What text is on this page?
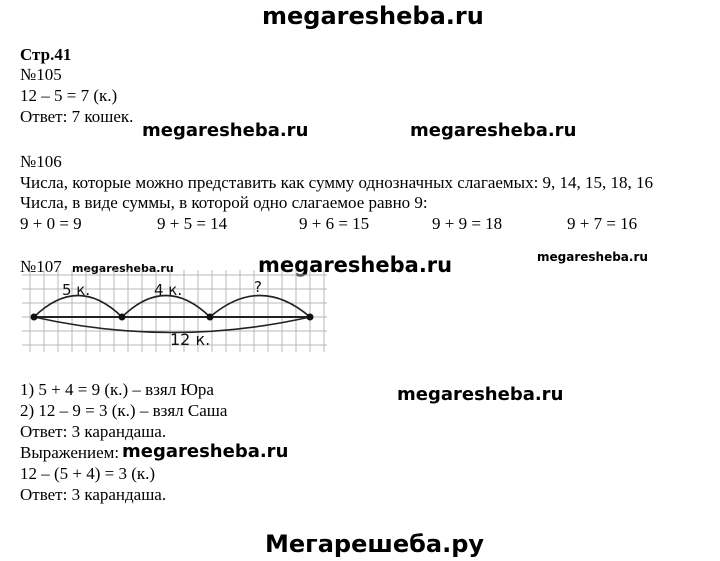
megaresheba.ru
megaresheba.ru	megaresheba.ru
megaresheba.ru	megaresheba.ru	megaresheba.ru
megaresheba.ru
megaresheba.ru
Мегарешеба.ру
Стр.41
№105
12 – 5 = 7 (к.)
Ответ: 7 кошек.
№106
Числа, которые можно представить как сумму однозначных слагаемых: 9, 14, 15, 18, 16
Числа, в виде суммы, в которой одно слагаемое равно 9:
9 + 0 = 9	9 + 5 = 14	9 + 6 = 15	9 + 9 = 18	9 + 7 = 16
№107
5 к.	4 к.	?
12 к.
1) 5 + 4 = 9 (к.) – взял Юра
2) 12 – 9 = 3 (к.) – взял Саша
Ответ: 3 карандаша.
Выражением:
12 – (5 + 4) = 3 (к.)
Ответ: 3 карандаша.
